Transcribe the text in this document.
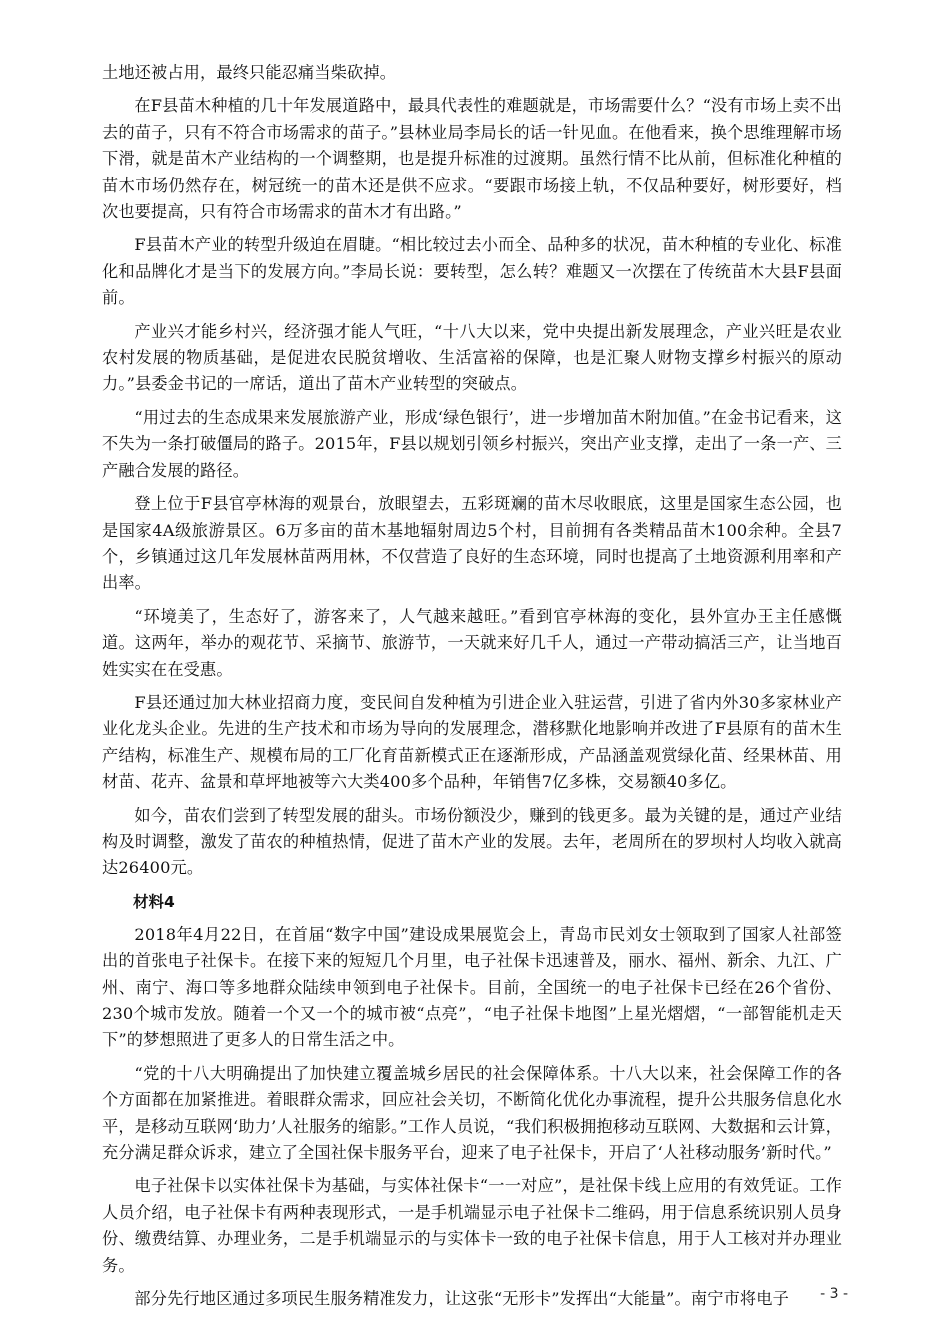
土地还被占用，最终只能忍痛当柴砍掉。

在F县苗木种植的几十年发展道路中，最具代表性的难题就是，市场需要什么？“没有市场上卖不出去的苗子，只有不符合市场需求的苗子。”县林业局李局长的话一针见血。在他看来，换个思维理解市场下滑，就是苗木产业结构的一个调整期，也是提升标准的过渡期。虽然行情不比从前，但标准化种植的苗木市场仍然存在，树冠统一的苗木还是供不应求。“要跟市场接上轨，不仅品种要好，树形要好，档次也要提高，只有符合市场需求的苗木才有出路。”

F县苗木产业的转型升级迫在眉睫。“相比较过去小而全、品种多的状况，苗木种植的专业化、标准化和品牌化才是当下的发展方向。”李局长说：要转型，怎么转？难题又一次摆在了传统苗木大县F县面前。

产业兴才能乡村兴，经济强才能人气旺，“十八大以来，党中央提出新发展理念，产业兴旺是农业农村发展的物质基础，是促进农民脱贫增收、生活富裕的保障，也是汇聚人财物支撑乡村振兴的原动力。”县委金书记的一席话，道出了苗木产业转型的突破点。

“用过去的生态成果来发展旅游产业，形成‘绿色银行’，进一步增加苗木附加值。”在金书记看来，这不失为一条打破僵局的路子。2015年，F县以规划引领乡村振兴，突出产业支撑，走出了一条一产、三产融合发展的路径。

登上位于F县官亭林海的观景台，放眼望去，五彩斑斓的苗木尽收眼底，这里是国家生态公园，也是国家4A级旅游景区。6万多亩的苗木基地辐射周边5个村，目前拥有各类精品苗木100余种。全县7个，乡镇通过这几年发展林苗两用林，不仅营造了良好的生态环境，同时也提高了土地资源利用率和产出率。

“环境美了，生态好了，游客来了，人气越来越旺。”看到官亭林海的变化，县外宣办王主任感慨道。这两年，举办的观花节、采摘节、旅游节，一天就来好几千人，通过一产带动搞活三产，让当地百姓实实在在受惠。

F县还通过加大林业招商力度，变民间自发种植为引进企业入驻运营，引进了省内外30多家林业产业化龙头企业。先进的生产技术和市场为导向的发展理念，潜移默化地影响并改进了F县原有的苗木生产结构，标准生产、规模布局的工厂化育苗新模式正在逐渐形成，产品涵盖观赏绿化苗、经果林苗、用材苗、花卉、盆景和草坪地被等六大类400多个品种，年销售7亿多株，交易额40多亿。

如今，苗农们尝到了转型发展的甜头。市场份额没少，赚到的钱更多。最为关键的是，通过产业结构及时调整，激发了苗农的种植热情，促进了苗木产业的发展。去年，老周所在的罗坝村人均收入就高达26400元。

材料4

2018年4月22日，在首届“数字中国”建设成果展览会上，青岛市民刘女士领取到了国家人社部签出的首张电子社保卡。在接下来的短短几个月里，电子社保卡迅速普及，丽水、福州、新余、九江、广州、南宁、海口等多地群众陆续申领到电子社保卡。目前，全国统一的电子社保卡已经在26个省份、230个城市发放。随着一个又一个的城市被“点亮”，“电子社保卡地图”上星光熠熠，“一部智能机走天下”的梦想照进了更多人的日常生活之中。

“党的十八大明确提出了加快建立覆盖城乡居民的社会保障体系。十八大以来，社会保障工作的各个方面都在加紧推进。着眼群众需求，回应社会关切，不断简化优化办事流程，提升公共服务信息化水平，是移动互联网‘助力’人社服务的缩影。”工作人员说，“我们积极拥抱移动互联网、大数据和云计算，充分满足群众诉求，建立了全国社保卡服务平台，迎来了电子社保卡，开启了‘人社移动服务’新时代。”

电子社保卡以实体社保卡为基础，与实体社保卡“一一对应”，是社保卡线上应用的有效凭证。工作人员介绍，电子社保卡有两种表现形式，一是手机端显示电子社保卡二维码，用于信息系统识别人员身份、缴费结算、办理业务，二是手机端显示的与实体卡一致的电子社保卡信息，用于人工核对并办理业务。

部分先行地区通过多项民生服务精准发力，让这张“无形卡”发挥出“大能量”。南宁市将电子	- 3 -
